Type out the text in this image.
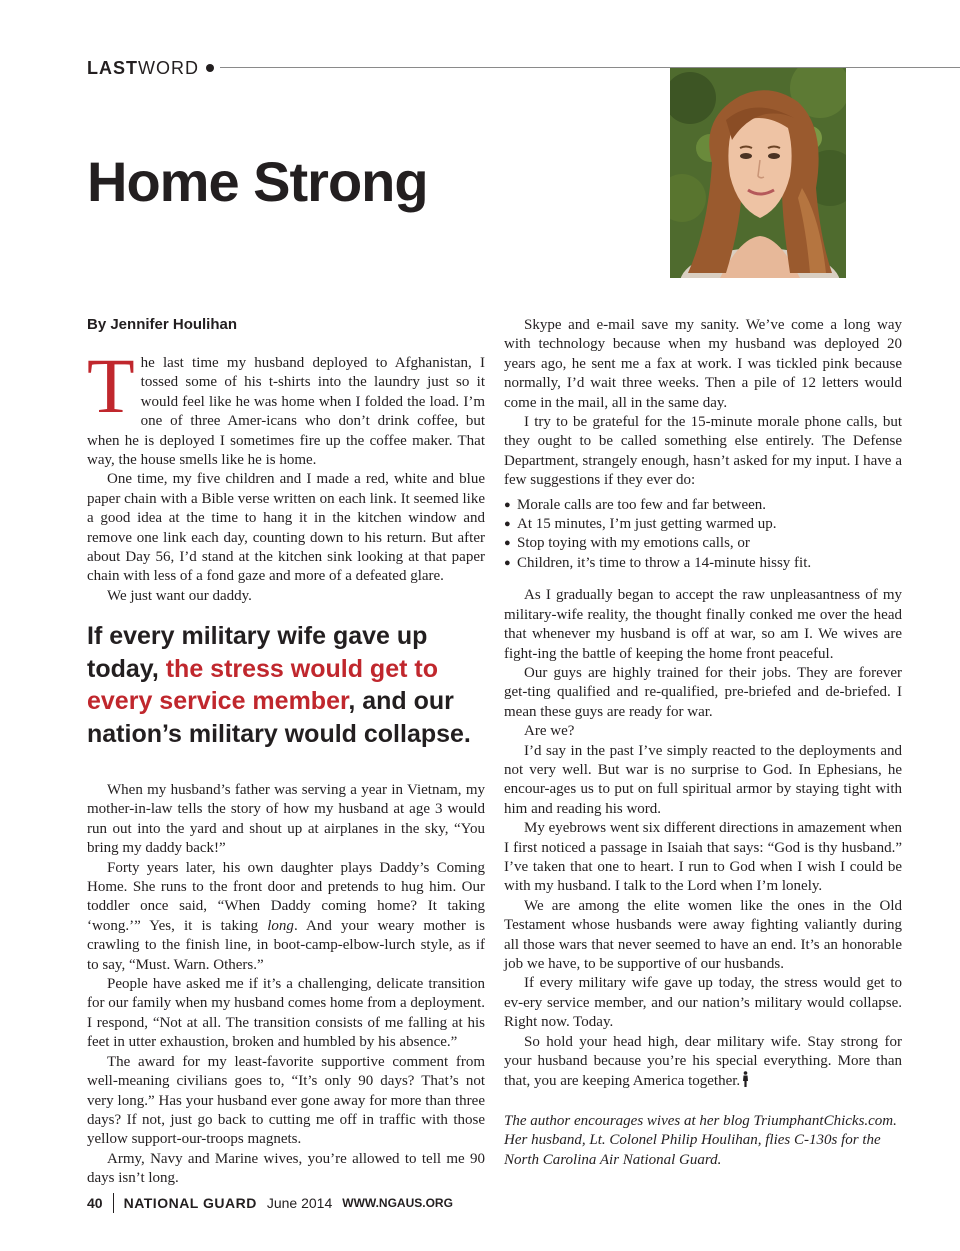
LASTWORD
Home Strong
By Jennifer Houlihan

The last time my husband deployed to Afghanistan, I tossed some of his t-shirts into the laundry just so it would feel like he was home when I folded the load. I’m one of three Amer-icans who don’t drink coffee, but when he is deployed I sometimes fire up the coffee maker. That way, the house smells like he is home.

One time, my five children and I made a red, white and blue paper chain with a Bible verse written on each link. It seemed like a good idea at the time to hang it in the kitchen window and remove one link each day, counting down to his return. But after about Day 56, I’d stand at the kitchen sink looking at that paper chain with less of a fond gaze and more of a defeated glare.

We just want our daddy.

If every military wife gave up today, the stress would get to every service member, and our nation’s military would collapse.

When my husband’s father was serving a year in Vietnam, my mother-in-law tells the story of how my husband at age 3 would run out into the yard and shout up at airplanes in the sky, “You bring my daddy back!”

Forty years later, his own daughter plays Daddy’s Coming Home. She runs to the front door and pretends to hug him. Our toddler once said, “When Daddy coming home? It taking ‘wong.’” Yes, it is taking long. And your weary mother is crawling to the finish line, in boot-camp-elbow-lurch style, as if to say, “Must. Warn. Others.”

People have asked me if it’s a challenging, delicate transition for our family when my husband comes home from a deployment. I respond, “Not at all. The transition consists of me falling at his feet in utter exhaustion, broken and humbled by his absence.”

The award for my least-favorite supportive comment from well-meaning civilians goes to, “It’s only 90 days? That’s not very long.” Has your husband ever gone away for more than three days? If not, just go back to cutting me off in traffic with those yellow support-our-troops magnets.

Army, Navy and Marine wives, you’re allowed to tell me 90 days isn’t long.

Skype and e-mail save my sanity. We’ve come a long way with technology because when my husband was deployed 20 years ago, he sent me a fax at work. I was tickled pink because normally, I’d wait three weeks. Then a pile of 12 letters would come in the mail, all in the same day.

I try to be grateful for the 15-minute morale phone calls, but they ought to be called something else entirely. The Defense Department, strangely enough, hasn’t asked for my input. I have a few suggestions if they ever do:

● Morale calls are too few and far between.
● At 15 minutes, I’m just getting warmed up.
● Stop toying with my emotions calls, or
● Children, it’s time to throw a 14-minute hissy fit.

As I gradually began to accept the raw unpleasantness of my military-wife reality, the thought finally conked me over the head that whenever my husband is off at war, so am I. We wives are fight-ing the battle of keeping the home front peaceful.

Our guys are highly trained for their jobs. They are forever get-ting qualified and re-qualified, pre-briefed and de-briefed. I mean these guys are ready for war.

Are we?

I’d say in the past I’ve simply reacted to the deployments and not very well. But war is no surprise to God. In Ephesians, he encour-ages us to put on full spiritual armor by staying tight with him and reading his word.

My eyebrows went six different directions in amazement when I first noticed a passage in Isaiah that says: “God is thy husband.” I’ve taken that one to heart. I run to God when I wish I could be with my husband. I talk to the Lord when I’m lonely.

We are among the elite women like the ones in the Old Testament whose husbands were away fighting valiantly during all those wars that never seemed to have an end. It’s an honorable job we have, to be supportive of our husbands.

If every military wife gave up today, the stress would get to ev-ery service member, and our nation’s military would collapse. Right now. Today.

So hold your head high, dear military wife. Stay strong for your husband because you’re his special everything. More than that, you are keeping America together.

The author encourages wives at her blog TriumphantChicks.com.
Her husband, Lt. Colonel Philip Houlihan, flies C-130s for the North Carolina Air National Guard.
40 NATIONAL GUARD June 2014 WWW.NGAUS.ORG
